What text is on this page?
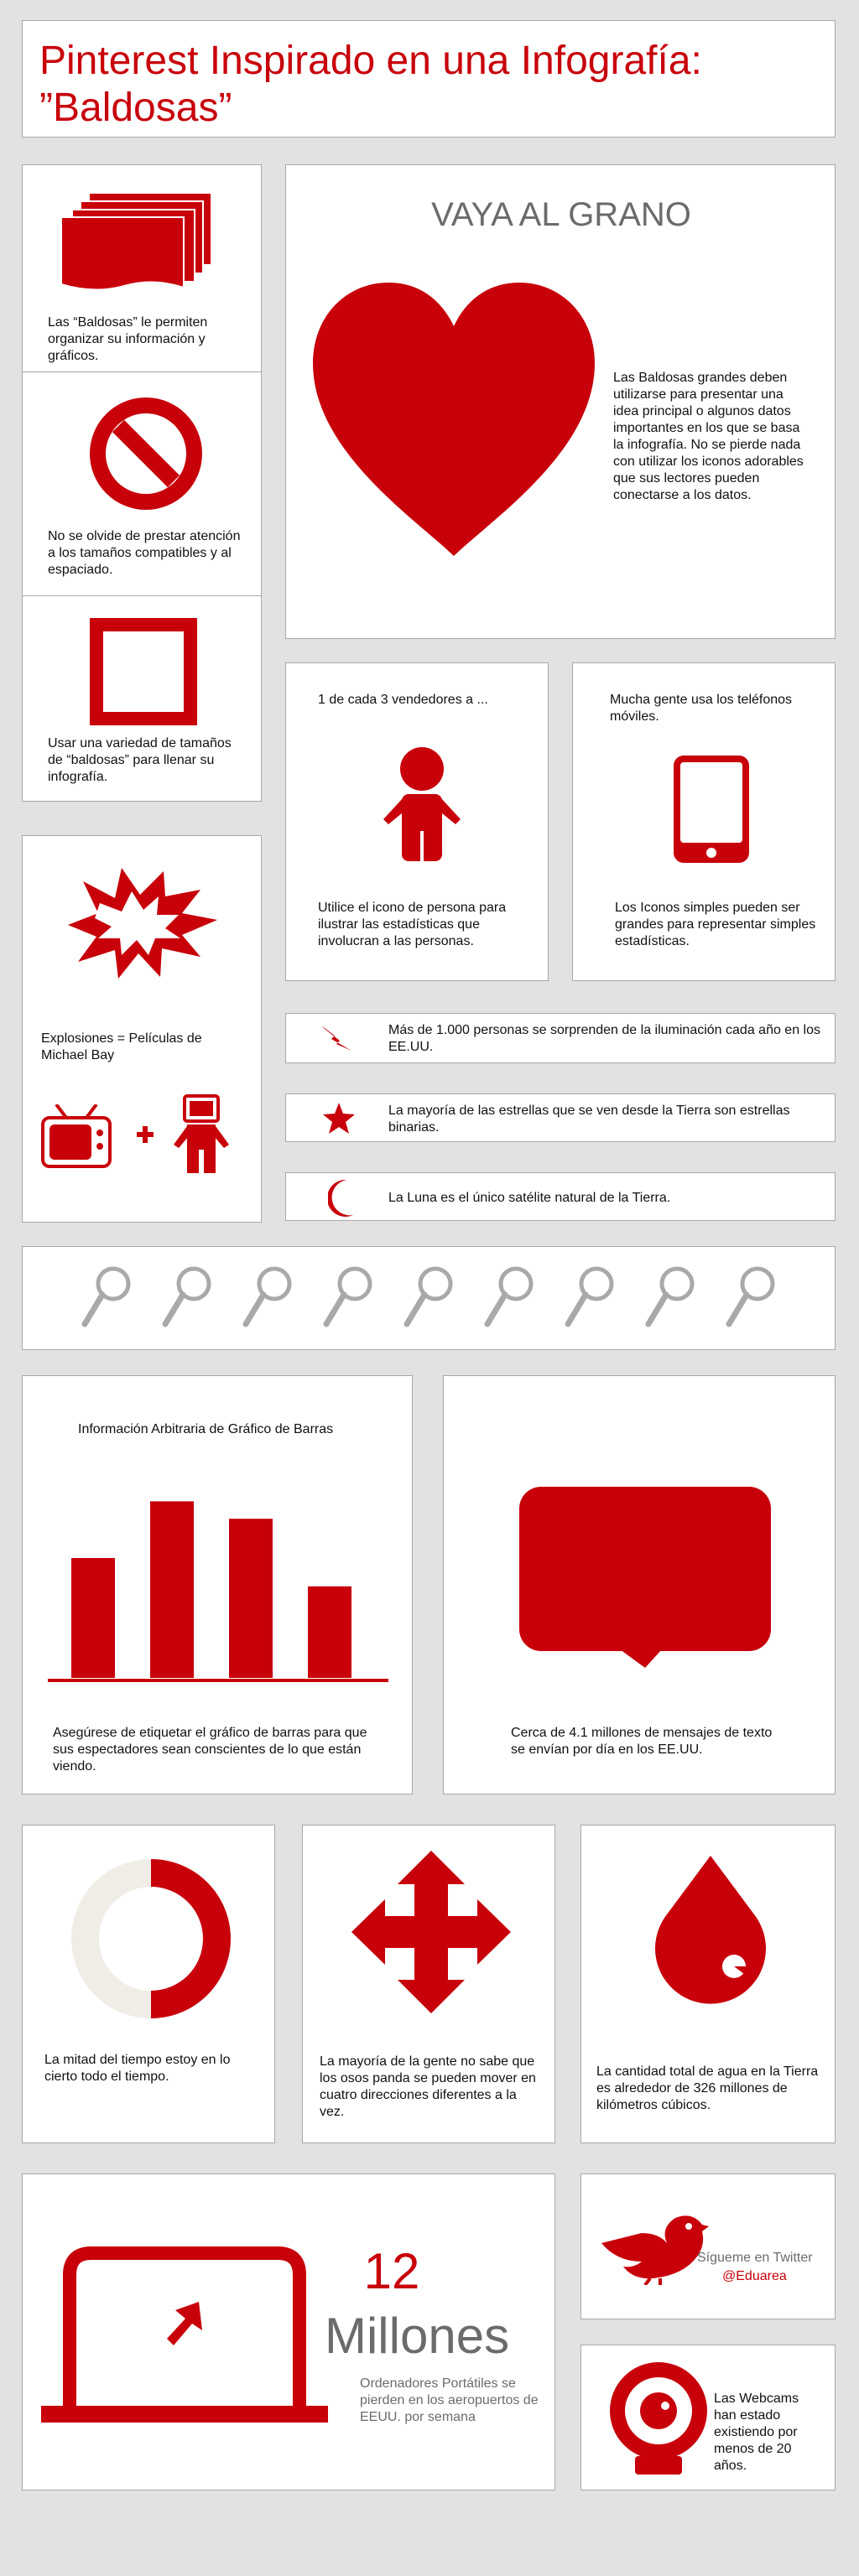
Pinterest Inspirado en una Infografía:
”Baldosas”
Las “Baldosas” le permiten organizar su información y gráficos.
No se olvide de prestar atención a los tamaños compatibles y al espaciado.
Usar una variedad de tamaños de “baldosas” para llenar su infografía.
VAYA AL GRANO
Las Baldosas grandes deben utilizarse para presentar una idea principal o algunos datos importantes en los que se basa la infografía. No se pierde nada con utilizar los iconos adorables que sus lectores pueden conectarse a los datos.
1 de cada 3 vendedores a ...
Utilice el icono de persona para ilustrar las estadísticas que involucran a las personas.
Mucha gente usa los teléfonos móviles.
Los Iconos simples pueden ser grandes para representar simples estadísticas.
Explosiones = Películas de Michael Bay
Más de 1.000 personas se sorprenden de la iluminación cada año en los EE.UU.
La mayoría de las estrellas que se ven desde la Tierra son estrellas binarias.
La Luna es el único satélite natural de la Tierra.
Información Arbitraria de Gráfico de Barras
Asegúrese de etiquetar el gráfico de barras para que sus espectadores sean conscientes de lo que están viendo.
Cerca de 4.1 millones de mensajes de texto se envían por día en los EE.UU.
La mitad del tiempo estoy en lo cierto todo el tiempo.
La mayoría de la gente no sabe que los osos panda se pueden mover en cuatro direcciones diferentes a la vez.
La cantidad total de agua en la Tierra es alrededor de 326 millones de kilómetros cúbicos.
12
Millones
Ordenadores Portátiles se pierden en los aeropuertos de EEUU. por semana
Sígueme en Twitter
@Eduarea
Las Webcams han estado existiendo por menos de 20 años.
